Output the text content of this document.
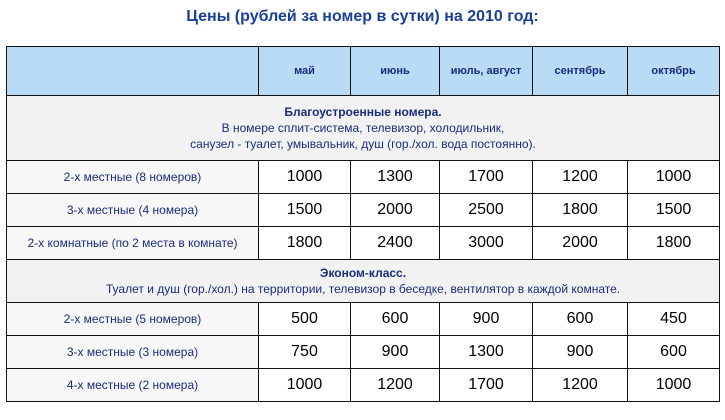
Цены (рублей за номер в сутки) на 2010 год:
	май	июнь	июль, август	сентябрь	октябрь

Благоустроенные номера.
В номере сплит-система, телевизор, холодильник,
санузел - туалет, умывальник, душ (гор./хол. вода постоянно).					

2-х местные (8 номеров)	1000	1300	1700	1200	1000
3-х местные (4 номера)	1500	2000	2500	1800	1500
2-х комнатные (по 2 места в комнате)	1800	2400	3000	2000	1800

Эконом-класс.
Туалет и душ (гор./хол.) на территории, телевизор в беседке, вентилятор в каждой комнате.					

2-х местные (5 номеров)	500	600	900	600	450
3-х местные (3 номера)	750	900	1300	900	600
4-х местные (2 номера)	1000	1200	1700	1200	1000
